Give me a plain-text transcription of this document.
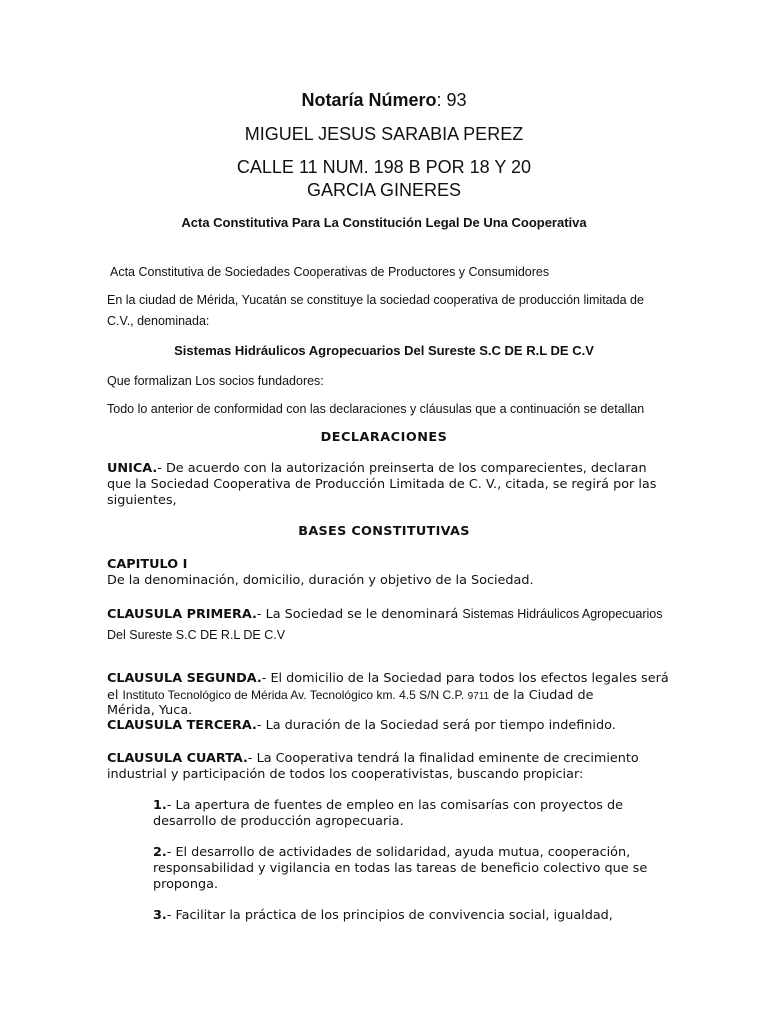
Notaría Número: 93
MIGUEL JESUS SARABIA PEREZ
CALLE 11 NUM. 198 B POR 18 Y 20
GARCIA GINERES
Acta Constitutiva Para La Constitución Legal De Una Cooperativa
Acta Constitutiva de Sociedades Cooperativas de Productores y Consumidores
En la ciudad de Mérida, Yucatán se constituye la sociedad cooperativa de producción limitada de
C.V., denominada:
Sistemas Hidráulicos Agropecuarios Del Sureste S.C DE R.L DE C.V
Que formalizan Los socios fundadores:
Todo lo anterior de conformidad con las declaraciones y cláusulas que a continuación se detallan
DECLARACIONES
UNICA.- De acuerdo con la autorización preinserta de los comparecientes, declaran
que la Sociedad Cooperativa de Producción Limitada de C. V., citada, se regirá por las
siguientes,
BASES CONSTITUTIVAS
CAPITULO I
De la denominación, domicilio, duración y objetivo de la Sociedad.
CLAUSULA PRIMERA.- La Sociedad se le denominará Sistemas Hidráulicos Agropecuarios
Del Sureste S.C DE R.L DE C.V
CLAUSULA SEGUNDA.- El domicilio de la Sociedad para todos los efectos legales será
el Instituto Tecnológico de Mérida Av. Tecnológico km. 4.5 S/N C.P. 9711 de la Ciudad de
Mérida, Yuca.
CLAUSULA TERCERA.- La duración de la Sociedad será por tiempo indefinido.
CLAUSULA CUARTA.- La Cooperativa tendrá la finalidad eminente de crecimiento
industrial y participación de todos los cooperativistas, buscando propiciar:
1.- La apertura de fuentes de empleo en las comisarías con proyectos de
desarrollo de producción agropecuaria.
2.- El desarrollo de actividades de solidaridad, ayuda mutua, cooperación,
responsabilidad y vigilancia en todas las tareas de beneficio colectivo que se
proponga.
3.- Facilitar la práctica de los principios de convivencia social, igualdad,
